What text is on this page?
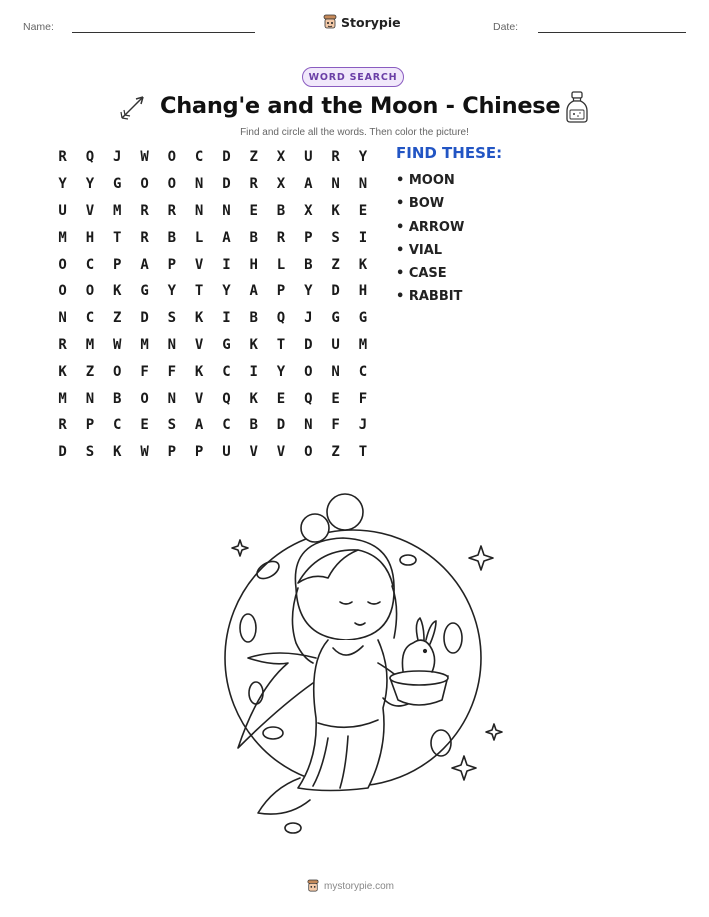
Name:	Storypie	Date:
WORD SEARCH
Chang'e and the Moon - Chinese
Find and circle all the words. Then color the picture!
R	Q	J	W	O	C	D	Z	X	U	R	Y
Y	Y	G	O	O	N	D	R	X	A	N	N
U	V	M	R	R	N	N	E	B	X	K	E
M	H	T	R	B	L	A	B	R	P	S	I
O	C	P	A	P	V	I	H	L	B	Z	K
O	O	K	G	Y	T	Y	A	P	Y	D	H
N	C	Z	D	S	K	I	B	Q	J	G	G
R	M	W	M	N	V	G	K	T	D	U	M
K	Z	O	F	F	K	C	I	Y	O	N	C
M	N	B	O	N	V	Q	K	E	Q	E	F
R	P	C	E	S	A	C	B	D	N	F	J
D	S	K	W	P	P	U	V	V	O	Z	T
FIND THESE:
• MOON
• BOW
• ARROW
• VIAL
• CASE
• RABBIT
mystorypie.com
